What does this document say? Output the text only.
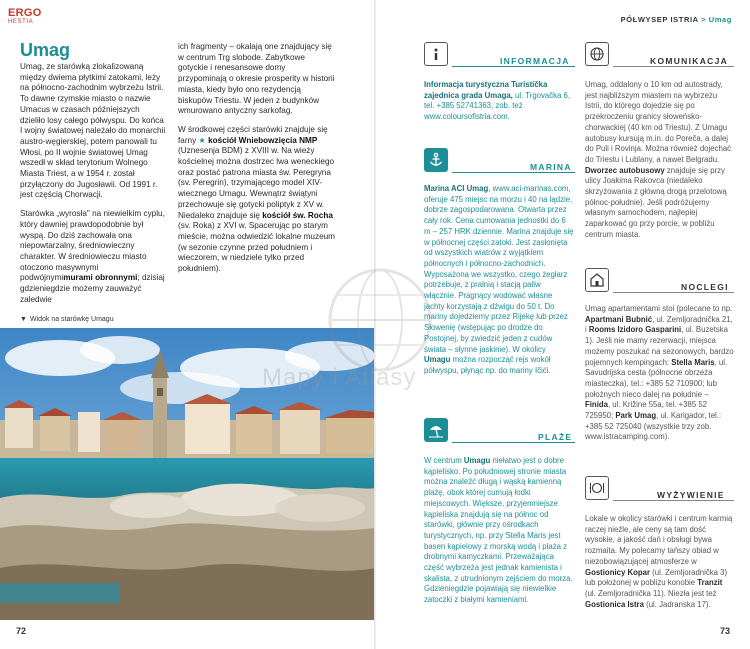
ERGO
HESTIA
Umag

Umag, ze starówką zlokalizowaną między dwiema płytkimi zatokami, leży na północno-zachodnim wybrzeżu Istrii. To dawne rzymskie miasto o nazwie Umacus w czasach późniejszych dzieliło losy całego półwyspu. Do końca I wojny światowej należało do monarchii austro-węgierskiej, potem panowali tu Włosi, po II wojnie światowej Umag wszedł w skład terytorium Wolnego Miasta Triest, a w 1954 r. został przyłączony do Jugosławii. Od 1991 r. jest częścią Chorwacji.

Starówka „wyrosła" na niewielkim cyplu, który dawniej prawdopodobnie był wyspą. Do dziś zachowała ona niepowtarzalny, średniowieczny charakter. W średniowieczu miasto otoczono masywnymi podwójnymimurami obronnymi; dzisiaj gdzieniegdzie możemy zauważyć zaledwie

ich fragmenty – okalają one znajdujący się w centrum Trg slobode. Zabytkowe gotyckie i renesansowe domy przypominają o okresie prosperity w historii miasta, kiedy było ono rezydencją biskupów Triestu. W jeden z budynków wmurowano antyczny sarkofag.

W środkowej części starówki znajduje się farny ★ kościół Wniebowzięcia NMP (Uznesenja BDM) z XVIII w. Na wieży kościelnej można dostrzec lwa weneckiego oraz postać patrona miasta św. Peregryna (sv. Peregrin), trzymającego model XIV-wiecznego Umagu. Wewnątrz świątyni przechowuje się gotycki poliptyk z XV w. Niedaleko znajduje się kościół św. Rocha (sv. Roka) z XVI w. Spacerując po starym mieście, można odwiedzić lokalne muzeum (w sezonie czynne przed południem i wieczorem, w niedziele tylko przed południem).

▼ Widok na starówkę Umagu
72
PÓŁWYSEP ISTRIA > Umag
INFORMACJA
Informacja turystyczna Turistička zajednica grada Umaga, ul. Trgovačka 6, tel. +385 52741363, zob. też www.coloursofistria.com.
MARINA
Marina ACI Umag, www.aci-marinas.com, oferuje 475 miejsc na morzu i 40 na lądzie, dobrze zagospodarowana. Otwarta przez cały rok. Cena cumowania jednostki do 6 m – 257 HRK dziennie. Marina znajduje się w północnej części zatoki. Jest zasłonięta od wszystkich wiatrów z wyjątkiem północnych i północno-zachodnich. Wyposażona we wszystko, czego żeglarz potrzebuje, z pralnią i stacją paliw włącznie. Pragnący wodować własne jachty korzystają z dźwigu do 50 t. Do mariny dojedziemy przez Rijekę lub przez Słowenię (wstępując po drodze do Postojnej, by zwiedzić jeden z cudów świata – słynne jaskinie). W okolicy Umagu można rozpocząć rejs wokół półwyspu, płynąc np. do mariny Ičići.
PLAŻE
W centrum Umagu niełatwo jest o dobre kąpielisko. Po południowej stronie miasta można znaleźć długą i wąską kamienną plażę, obok której cumują łodki miejscowych. Większe, przyjemniejsze kąpieliska znajdują się na północ od starówki, głównie przy ośrodkach turystycznych, np. przy Stella Maris jest basen kąpielowy z morską wodą i plaża z drobnymi kamyczkami. Przeważająca część wybrzeża jest jednak kamienista i skalista, z utrudnionym zejściem do morza. Gdzieniegdzie pojawiają się niewielkie zatoczki z białymi kamieniami.
KOMUNIKACJA
Umag, oddalony o 10 km od autostrady, jest najbliższym miastem na wybrzeżu Istrii, do którego dojedzie się po przekroczeniu granicy słoweńsko-chorwackiej (40 km od Triestu). Z Umagu autobusy kursują m.in. do Poreča, a dalej do Puli i Rovinja. Można również dojechać do Triestu i Lublany, a nawet Belgradu. Dworzec autobusowy znajduje się przy ulicy Joakima Rakovca (niedaleko skrzyżowania z główną drogą przelotową północ-południe). Jeśli podróżujemy własnym samochodem, najlepiej zaparkować go przy porcie, w pobliżu centrum miasta.
NOCLEGI
Umag apartamentami stoi (polecane to np. Apartmani Bubnić, ul. Zemljoradnička 21, i Rooms Izidoro Gasparini, ul. Buzetska 1). Jeśli nie mamy rezerwacji, miejsca możemy poszukać na sezonowych, bardzo pojemnych kempingach: Stella Maris, ul. Savudrijska cesta (północne obrzeża miasteczka), tel.: +385 52 710900; lub położnych nieco dalej na południe – Finida, ul. Križine 55a, tel. +385 52 725950; Park Umag, ul. Karigador, tel.: +385 52 725040 (wszystkie trzy zob. www.istracamping.com).
WYŻYWIENIE
Lokale w okolicy starówki i centrum karmią raczej nieźle, ale ceny są tam dość wysokie, a jakość dań i obsługi bywa rozmaita. My polecamy tańszy obiad w niezobowiązującej atmosferze w Gostionicy Kopar (ul. Zemljoradnička 3) lub położonej w pobliżu konobie Tranzit (ul. Zemljoradnička 11). Niezła jest też Gostionica Istra (ul. Jadranska 17).
73
Mapy i Atlasy
